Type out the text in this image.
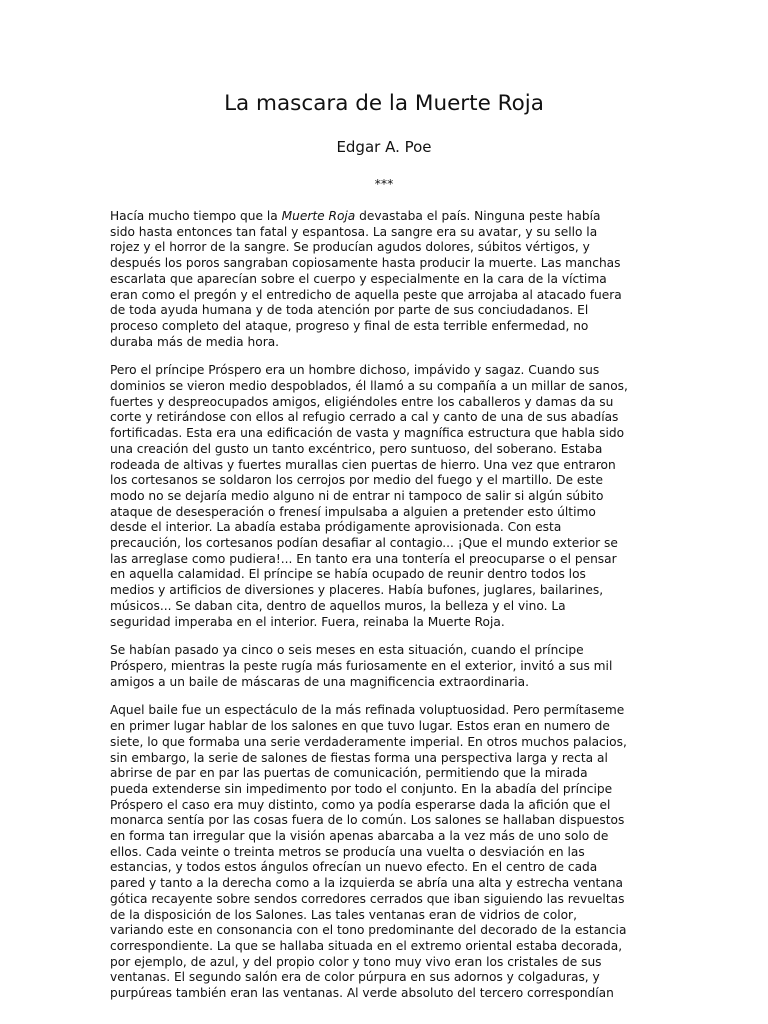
La mascara de la Muerte Roja
Edgar A. Poe
***

Hacía mucho tiempo que la Muerte Roja devastaba el país. Ninguna peste había
sido hasta entonces tan fatal y espantosa. La sangre era su avatar, y su sello la
rojez y el horror de la sangre. Se producían agudos dolores, súbitos vértigos, y
después los poros sangraban copiosamente hasta producir la muerte. Las manchas
escarlata que aparecían sobre el cuerpo y especialmente en la cara de la víctima
eran como el pregón y el entredicho de aquella peste que arrojaba al atacado fuera
de toda ayuda humana y de toda atención por parte de sus conciudadanos. El
proceso completo del ataque, progreso y final de esta terrible enfermedad, no
duraba más de media hora.

Pero el príncipe Próspero era un hombre dichoso, impávido y sagaz. Cuando sus
dominios se vieron medio despoblados, él llamó a su compañía a un millar de sanos,
fuertes y despreocupados amigos, eligiéndoles entre los caballeros y damas da su
corte y retirándose con ellos al refugio cerrado a cal y canto de una de sus abadías
fortificadas. Esta era una edificación de vasta y magnífica estructura que habla sido
una creación del gusto un tanto excéntrico, pero suntuoso, del soberano. Estaba
rodeada de altivas y fuertes murallas cien puertas de hierro. Una vez que entraron
los cortesanos se soldaron los cerrojos por medio del fuego y el martillo. De este
modo no se dejaría medio alguno ni de entrar ni tampoco de salir si algún súbito
ataque de desesperación o frenesí impulsaba a alguien a pretender esto último
desde el interior. La abadía estaba pródigamente aprovisionada. Con esta
precaución, los cortesanos podían desafiar al contagio... ¡Que el mundo exterior se
las arreglase como pudiera!... En tanto era una tontería el preocuparse o el pensar
en aquella calamidad. El príncipe se había ocupado de reunir dentro todos los
medios y artificios de diversiones y placeres. Había bufones, juglares, bailarines,
músicos... Se daban cita, dentro de aquellos muros, la belleza y el vino. La
seguridad imperaba en el interior. Fuera, reinaba la Muerte Roja.

Se habían pasado ya cinco o seis meses en esta situación, cuando el príncipe
Próspero, mientras la peste rugía más furiosamente en el exterior, invitó a sus mil
amigos a un baile de máscaras de una magnificencia extraordinaria.

Aquel baile fue un espectáculo de la más refinada voluptuosidad. Pero permítaseme
en primer lugar hablar de los salones en que tuvo lugar. Estos eran en numero de
siete, lo que formaba una serie verdaderamente imperial. En otros muchos palacios,
sin embargo, la serie de salones de fiestas forma una perspectiva larga y recta al
abrirse de par en par las puertas de comunicación, permitiendo que la mirada
pueda extenderse sin impedimento por todo el conjunto. En la abadía del príncipe
Próspero el caso era muy distinto, como ya podía esperarse dada la afición que el
monarca sentía por las cosas fuera de lo común. Los salones se hallaban dispuestos
en forma tan irregular que la visión apenas abarcaba a la vez más de uno solo de
ellos. Cada veinte o treinta metros se producía una vuelta o desviación en las
estancias, y todos estos ángulos ofrecían un nuevo efecto. En el centro de cada
pared y tanto a la derecha como a la izquierda se abría una alta y estrecha ventana
gótica recayente sobre sendos corredores cerrados que iban siguiendo las revueltas
de la disposición de los Salones. Las tales ventanas eran de vidrios de color,
variando este en consonancia con el tono predominante del decorado de la estancia
correspondiente. La que se hallaba situada en el extremo oriental estaba decorada,
por ejemplo, de azul, y del propio color y tono muy vivo eran los cristales de sus
ventanas. El segundo salón era de color púrpura en sus adornos y colgaduras, y
purpúreas también eran las ventanas. Al verde absoluto del tercero correspondían
